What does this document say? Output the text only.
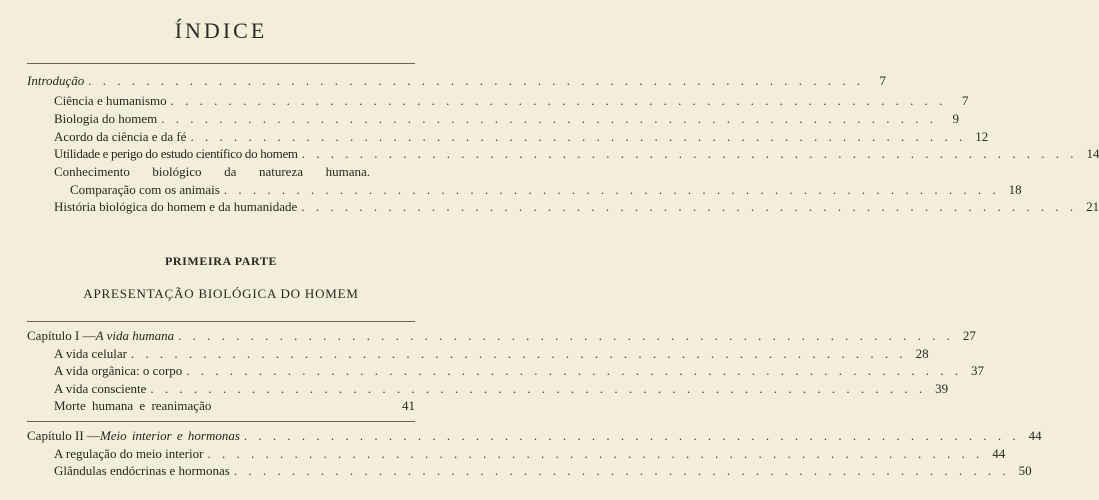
ÍNDICE
Introdução . . . . . . . . . . . . . . . . . . . . . . . . . . . . . . . . . . . . . . . . . . . . . . . . . . . . . .	7
Ciência e humanismo . . . . . . . . . . . . . . . . . . . . . . . . . . . . . . . . . . . . . . . . . . . . . . . . . . . . . .	7
Biologia do homem . . . . . . . . . . . . . . . . . . . . . . . . . . . . . . . . . . . . . . . . . . . . . . . . . . . . . .	9
Acordo da ciência e da fé . . . . . . . . . . . . . . . . . . . . . . . . . . . . . . . . . . . . . . . . . . . . . . . . . . . . . . 12
Utilidade e perigo do estudo científico do homem . . . . . . . . . . . . . . . . . . . . . . . . . . . . . . . . . . . . . . . . . . . . . . . . . . . . . . 14
Conhecimento biológico da natureza humana.
Comparação com os animais . . . . . . . . . . . . . . . . . . . . . . . . . . . . . . . . . . . . . . . . . . . . . . . . . . . . . . 18
História biológica do homem e da humanidade . . . . . . . . . . . . . . . . . . . . . . . . . . . . . . . . . . . . . . . . . . . . . . . . . . . . . . 21
PRIMEIRA PARTE
APRESENTAÇÃO BIOLÓGICA DO HOMEM
Capítulo I — A vida humana . . . . . . . . . . . . . . . . . . . . . . . . . . . . . . . . . . . . . . . . . . . . . . . . . . . . . . 27
A vida celular . . . . . . . . . . . . . . . . . . . . . . . . . . . . . . . . . . . . . . . . . . . . . . . . . . . . . . 28
A vida orgânica: o corpo . . . . . . . . . . . . . . . . . . . . . . . . . . . . . . . . . . . . . . . . . . . . . . . . . . . . . . 37
A vida consciente . . . . . . . . . . . . . . . . . . . . . . . . . . . . . . . . . . . . . . . . . . . . . . . . . . . . . . 39
Morte humana e reanimação	41
Capítulo II — Meio interior e hormonas . . . . . . . . . . . . . . . . . . . . . . . . . . . . . . . . . . . . . . . . . . . . . . . . . . . . . . 44
A regulação do meio interior . . . . . . . . . . . . . . . . . . . . . . . . . . . . . . . . . . . . . . . . . . . . . . . . . . . . . . 44
Glândulas endócrinas e hormonas . . . . . . . . . . . . . . . . . . . . . . . . . . . . . . . . . . . . . . . . . . . . . . . . . . . . . . 50
